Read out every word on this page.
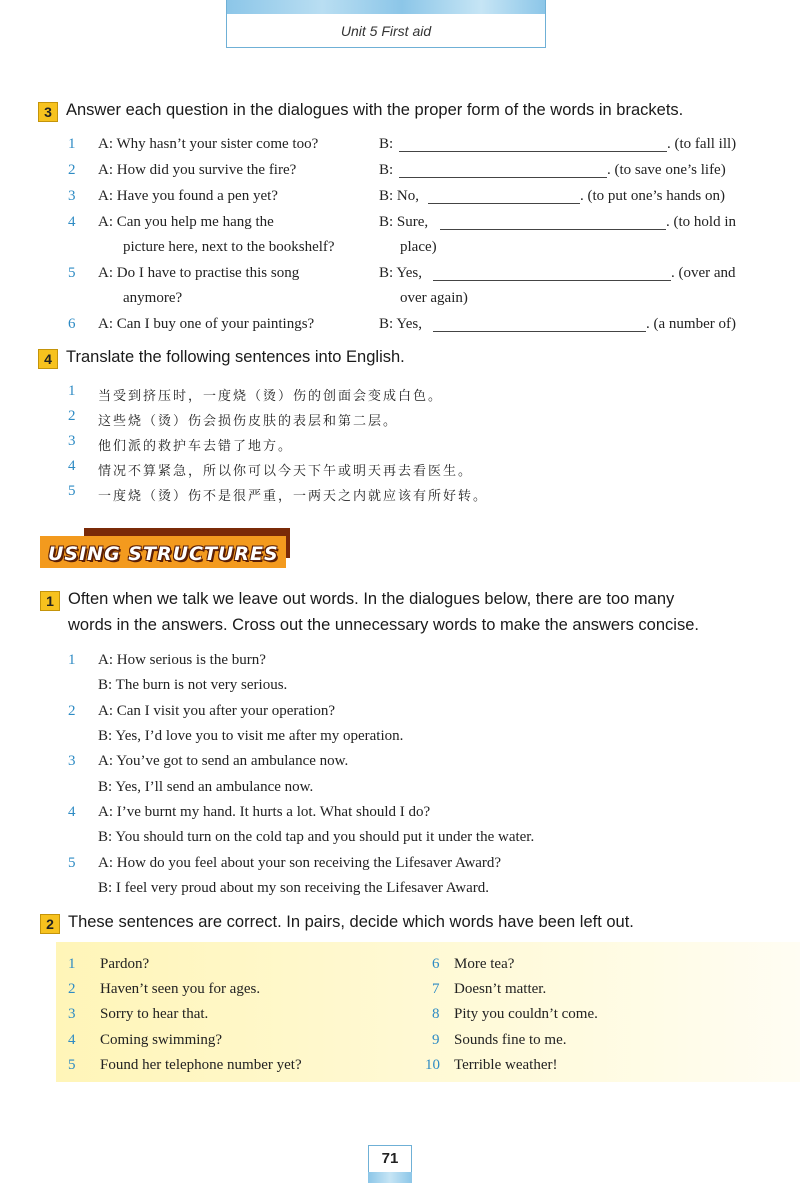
Unit 5 First aid
3 Answer each question in the dialogues with the proper form of the words in brackets.
1 A: Why hasn’t your sister come too?	B:	. (to fall ill)
2 A: How did you survive the fire?	B:	. (to save one’s life)
3 A: Have you found a pen yet?	B: No,	. (to put one’s hands on)
4 A: Can you help me hang the
picture here, next to the bookshelf?
B: Sure,	. (to hold in
place)
5 A: Do I have to practise this song
anymore?
B: Yes,	. (over and
over again)
6 A: Can I buy one of your paintings?	B: Yes,	. (a number of)
4 Translate the following sentences into English.
1 当受到挤压时，一度烧（烫）伤的创面会变成白色。
2 这些烧（烫）伤会损伤皮肤的表层和第二层。
3 他们派的救护车去错了地方。
4 情况不算紧急，所以你可以今天下午或明天再去看医生。
5 一度烧（烫）伤不是很严重，一两天之内就应该有所好转。
USING STRUCTURES
1 Often when we talk we leave out words. In the dialogues below, there are too many
words in the answers. Cross out the unnecessary words to make the answers concise.
1 A: How serious is the burn?
B: The burn is not very serious.
2 A: Can I visit you after your operation?
B: Yes, I’d love you to visit me after my operation.
3 A: You’ve got to send an ambulance now.
B: Yes, I’ll send an ambulance now.
4 A: I’ve burnt my hand. It hurts a lot. What should I do?
B: You should turn on the cold tap and you should put it under the water.
5 A: How do you feel about your son receiving the Lifesaver Award?
B: I feel very proud about my son receiving the Lifesaver Award.
2 These sentences are correct. In pairs, decide which words have been left out.
1 Pardon?
2 Haven’t seen you for ages.
3 Sorry to hear that.
4 Coming swimming?
5 Found her telephone number yet?
6 More tea?
7 Doesn’t matter.
8 Pity you couldn’t come.
9 Sounds fine to me.
10 Terrible weather!
71
